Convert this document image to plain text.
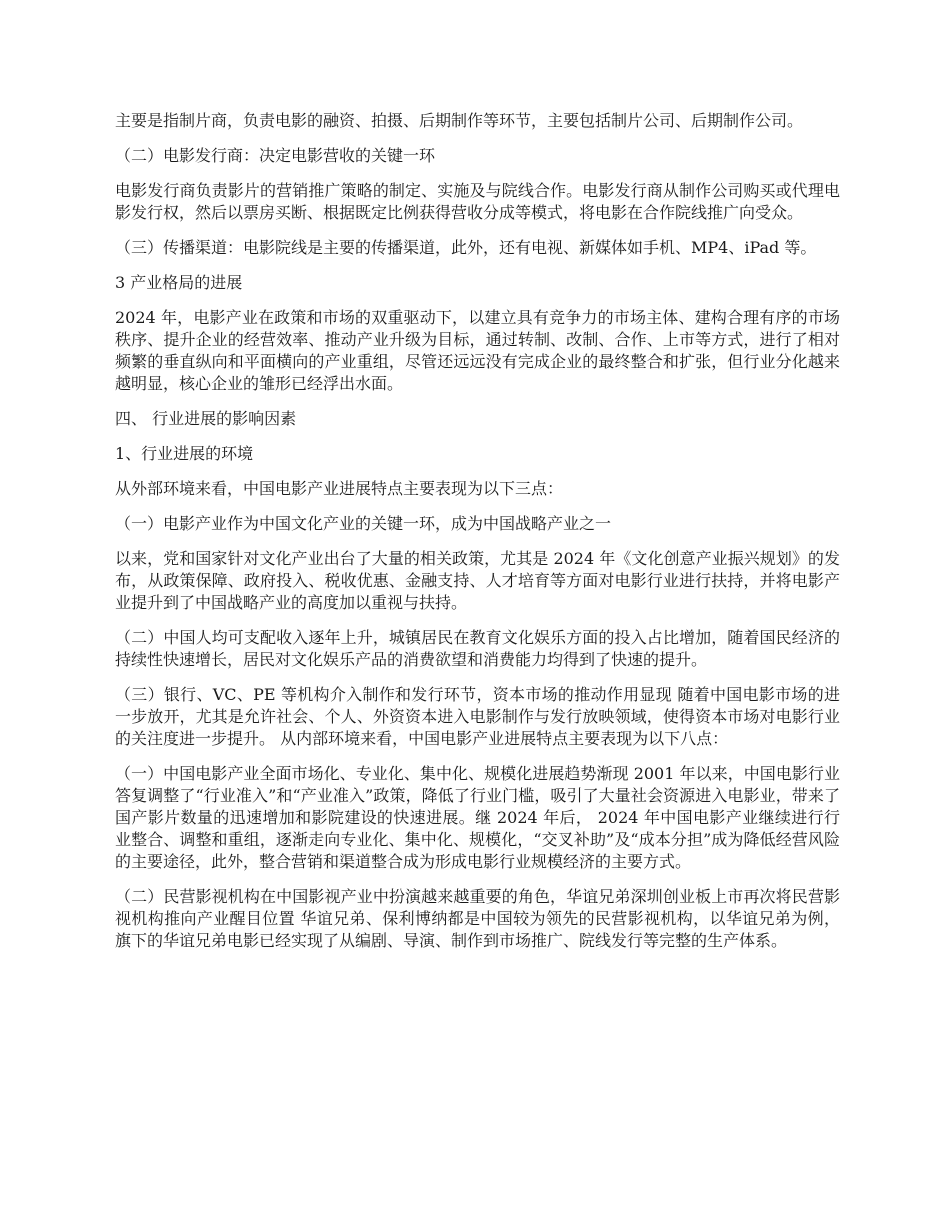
主要是指制片商，负责电影的融资、拍摄、后期制作等环节，主要包括制片公司、后期制作公司。

（二）电影发行商：决定电影营收的关键一环

电影发行商负责影片的营销推广策略的制定、实施及与院线合作。电影发行商从制作公司购买或代理电影发行权，然后以票房买断、根据既定比例获得营收分成等模式，将电影在合作院线推广向受众。

（三）传播渠道：电影院线是主要的传播渠道，此外，还有电视、新媒体如手机、MP4、iPad 等。

3 产业格局的进展

2024 年，电影产业在政策和市场的双重驱动下，以建立具有竞争力的市场主体、建构合理有序的市场秩序、提升企业的经营效率、推动产业升级为目标，通过转制、改制、合作、上市等方式，进行了相对频繁的垂直纵向和平面横向的产业重组，尽管还远远没有完成企业的最终整合和扩张，但行业分化越来越明显，核心企业的雏形已经浮出水面。

四、 行业进展的影响因素

1、行业进展的环境

从外部环境来看，中国电影产业进展特点主要表现为以下三点：

（一）电影产业作为中国文化产业的关键一环，成为中国战略产业之一

以来，党和国家针对文化产业出台了大量的相关政策，尤其是 2024 年《文化创意产业振兴规划》的发布，从政策保障、政府投入、税收优惠、金融支持、人才培育等方面对电影行业进行扶持，并将电影产业提升到了中国战略产业的高度加以重视与扶持。

（二）中国人均可支配收入逐年上升，城镇居民在教育文化娱乐方面的投入占比增加，随着国民经济的持续性快速增长，居民对文化娱乐产品的消费欲望和消费能力均得到了快速的提升。

（三）银行、VC、PE 等机构介入制作和发行环节，资本市场的推动作用显现 随着中国电影市场的进一步放开，尤其是允许社会、个人、外资资本进入电影制作与发行放映领域，使得资本市场对电影行业的关注度进一步提升。 从内部环境来看，中国电影产业进展特点主要表现为以下八点：

（一）中国电影产业全面市场化、专业化、集中化、规模化进展趋势渐现 2001 年以来，中国电影行业答复调整了“行业准入”和“产业准入”政策，降低了行业门槛，吸引了大量社会资源进入电影业，带来了国产影片数量的迅速增加和影院建设的快速进展。继 2024 年后， 2024 年中国电影产业继续进行行业整合、调整和重组，逐渐走向专业化、集中化、规模化，“交叉补助”及“成本分担”成为降低经营风险的主要途径，此外，整合营销和渠道整合成为形成电影行业规模经济的主要方式。

（二）民营影视机构在中国影视产业中扮演越来越重要的角色，华谊兄弟深圳创业板上市再次将民营影视机构推向产业醒目位置 华谊兄弟、保利博纳都是中国较为领先的民营影视机构，以华谊兄弟为例，旗下的华谊兄弟电影已经实现了从编剧、导演、制作到市场推广、院线发行等完整的生产体系。
